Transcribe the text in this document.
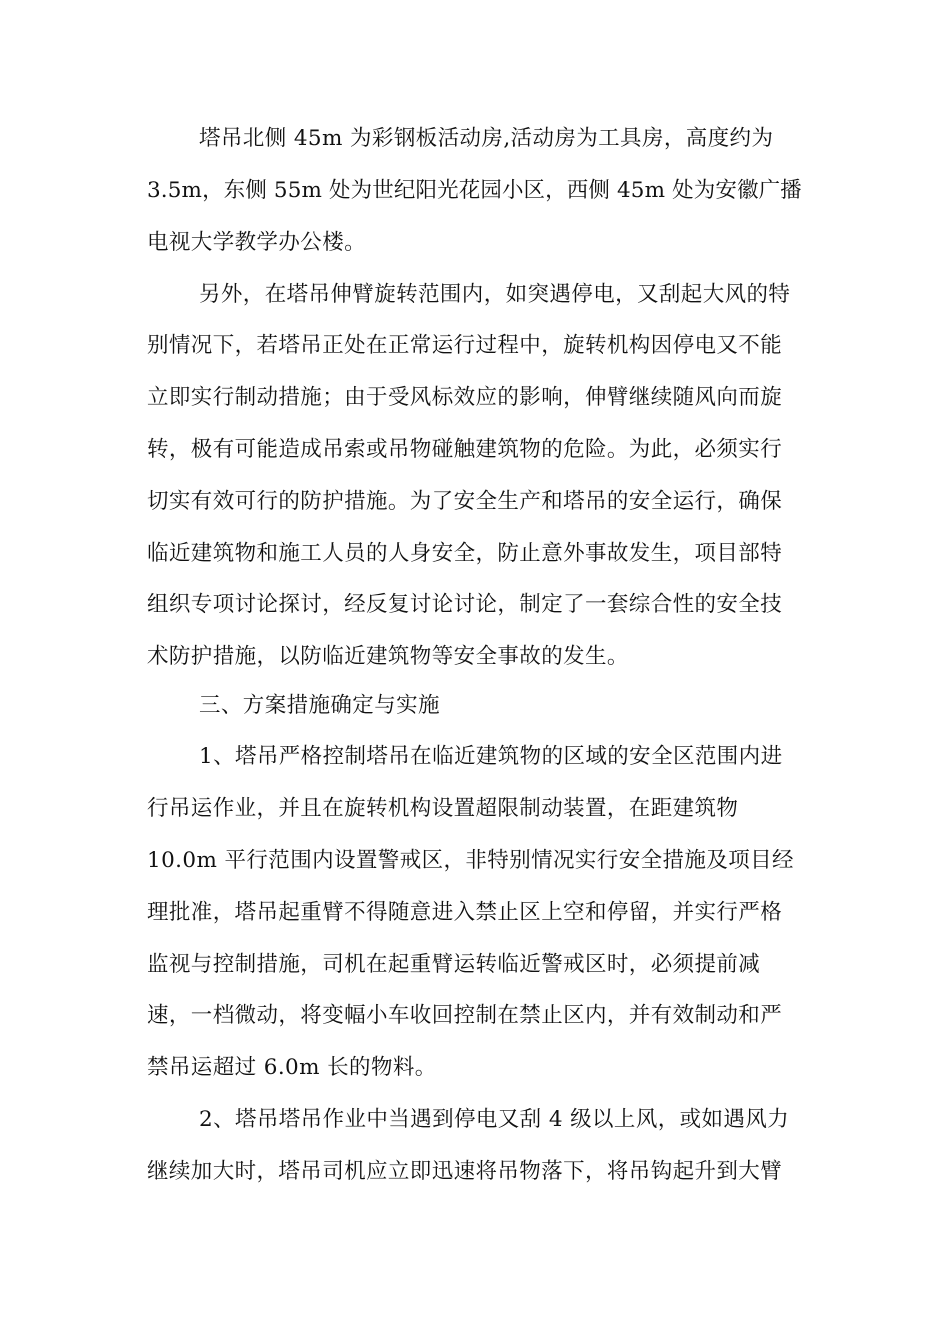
塔吊北侧 45m 为彩钢板活动房,活动房为工具房，高度约为
3.5m，东侧 55m 处为世纪阳光花园小区，西侧 45m 处为安徽广播
电视大学教学办公楼。
另外，在塔吊伸臂旋转范围内，如突遇停电，又刮起大风的特
别情况下，若塔吊正处在正常运行过程中，旋转机构因停电又不能
立即实行制动措施；由于受风标效应的影响，伸臂继续随风向而旋
转，极有可能造成吊索或吊物碰触建筑物的危险。为此，必须实行
切实有效可行的防护措施。为了安全生产和塔吊的安全运行，确保
临近建筑物和施工人员的人身安全，防止意外事故发生，项目部特
组织专项讨论探讨，经反复讨论讨论，制定了一套综合性的安全技
术防护措施，以防临近建筑物等安全事故的发生。
三、方案措施确定与实施
1、塔吊严格控制塔吊在临近建筑物的区域的安全区范围内进
行吊运作业，并且在旋转机构设置超限制动装置，在距建筑物
10.0m 平行范围内设置警戒区，非特别情况实行安全措施及项目经
理批准，塔吊起重臂不得随意进入禁止区上空和停留，并实行严格
监视与控制措施，司机在起重臂运转临近警戒区时，必须提前减
速，一档微动，将变幅小车收回控制在禁止区内，并有效制动和严
禁吊运超过 6.0m 长的物料。
2、塔吊塔吊作业中当遇到停电又刮 4 级以上风，或如遇风力
继续加大时，塔吊司机应立即迅速将吊物落下，将吊钩起升到大臂
